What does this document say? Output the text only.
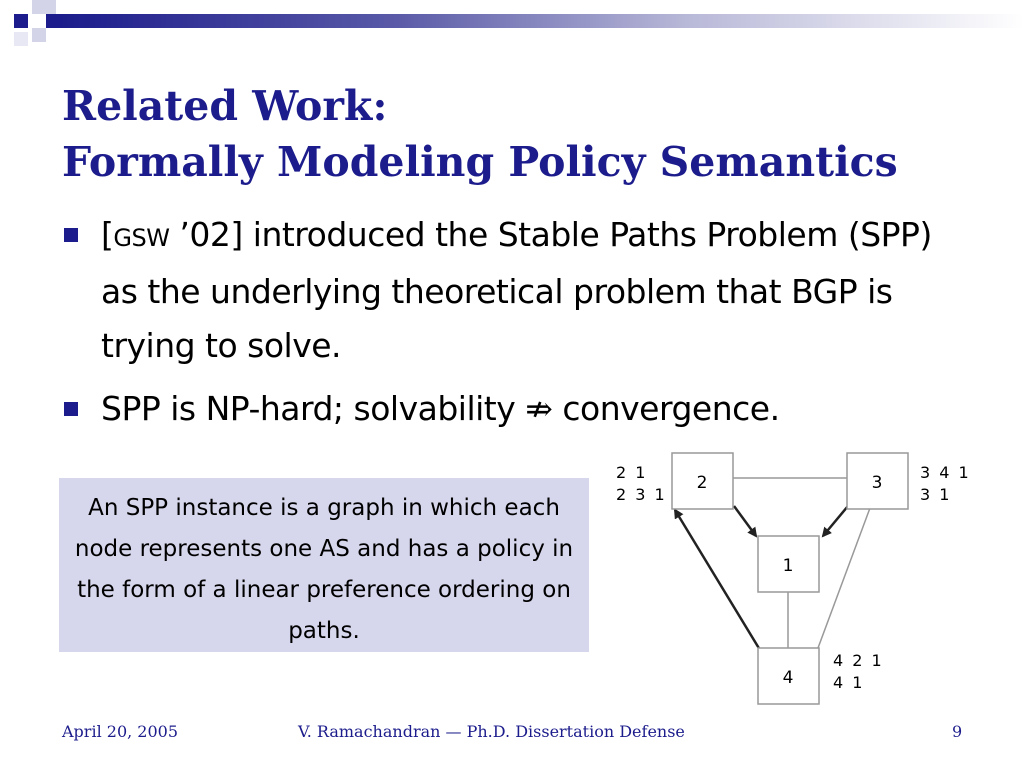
Related Work:
Formally Modeling Policy Semantics
[GSW ’02] introduced the Stable Paths Problem (SPP) as the underlying theoretical problem that BGP is trying to solve.
SPP is NP-hard; solvability ⇏ convergence.
An SPP instance is a graph in which each node represents one AS and has a policy in the form of a linear preference ordering on paths.
2	3
1
4
2 1
2 3 1
3 4 1
3 1
4 2 1
4 1
April 20, 2005	V. Ramachandran — Ph.D. Dissertation Defense	9
